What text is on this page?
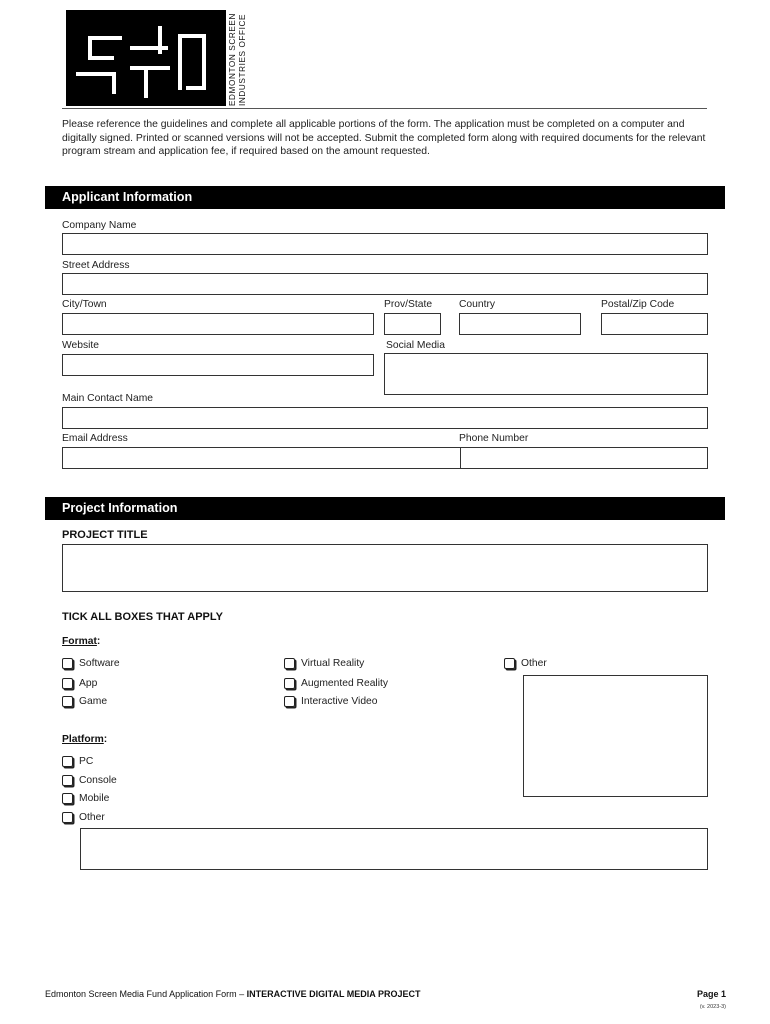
EDMONTON SCREEN INDUSTRIES OFFICE
Please reference the guidelines and complete all applicable portions of the form. The application must be completed on a computer and digitally signed. Printed or scanned versions will not be accepted. Submit the completed form along with required documents for the relevant program stream and application fee, if required based on the amount requested.
Applicant Information
Company Name
Street Address
City/Town	Prov/State	Country	Postal/Zip Code
Website	Social Media
Main Contact Name
Email Address	Phone Number
Project Information
PROJECT TITLE
TICK ALL BOXES THAT APPLY
Format:
Software
App
Game
Virtual Reality
Augmented Reality
Interactive Video
Other
Platform:
PC
Console
Mobile
Other
Edmonton Screen Media Fund Application Form – INTERACTIVE DIGITAL MEDIA PROJECT	Page 1
(v. 2023-3)
